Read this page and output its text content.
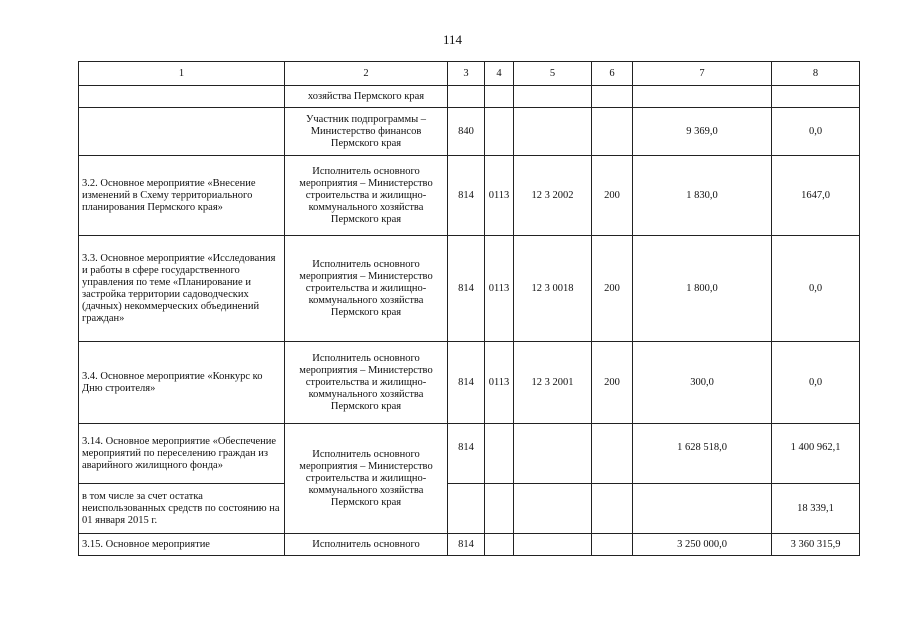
114
1	2	3	4	5	6	7	8
	хозяйства Пермского края						
	Участник подпрограммы – Министерство финансов Пермского края	840				9 369,0	0,0
3.2. Основное мероприятие «Внесение изменений в Схему территориального планирования Пермского края»	Исполнитель основного мероприятия – Министерство строительства и жилищно-коммунального хозяйства Пермского края	814	0113	12 3 2002	200	1 830,0	1647,0
3.3. Основное мероприятие «Исследования и работы в сфере государственного управления по теме «Планирование и застройка территории садоводческих (дачных) некоммерческих объединений граждан»	Исполнитель основного мероприятия – Министерство строительства и жилищно-коммунального хозяйства Пермского края	814	0113	12 3 0018	200	1 800,0	0,0
3.4. Основное мероприятие «Конкурс ко Дню строителя»	Исполнитель основного мероприятия – Министерство строительства и жилищно-коммунального хозяйства Пермского края	814	0113	12 3 2001	200	300,0	0,0
3.14. Основное мероприятие «Обеспечение мероприятий по переселению граждан из аварийного жилищного фонда»	Исполнитель основного мероприятия – Министерство строительства и жилищно-коммунального хозяйства Пермского края	814				1 628 518,0	1 400 962,1
в том числе за счет остатка неиспользованных средств по состоянию на 01 января 2015 г.							18 339,1
3.15. Основное мероприятие	Исполнитель основного	814				3 250 000,0	3 360 315,9
